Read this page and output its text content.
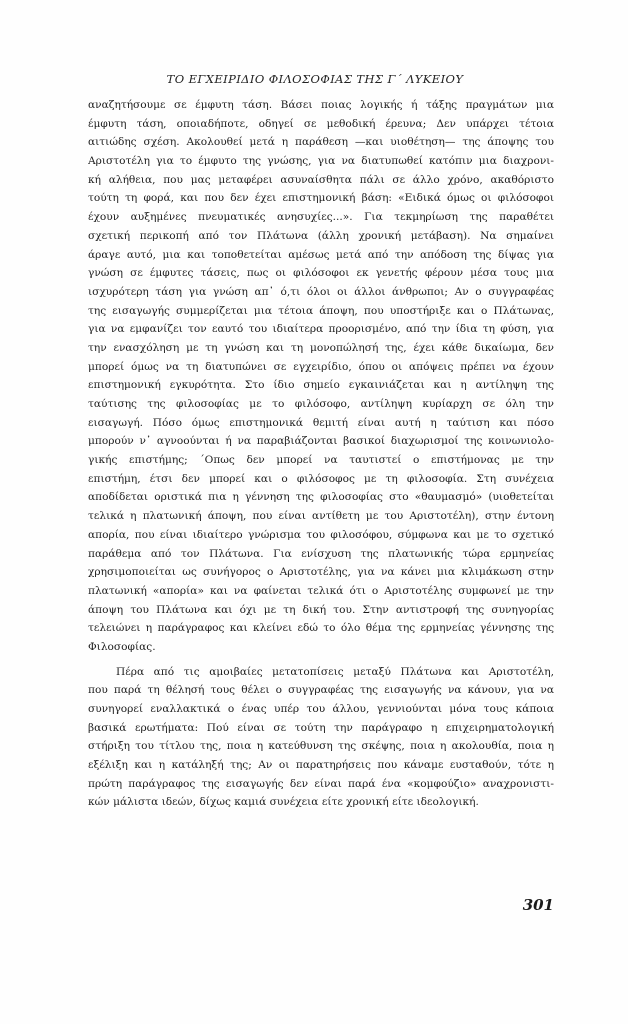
ΤΟ ΕΓΧΕΙΡΙΔΙΟ ΦΙΛΟΣΟΦΙΑΣ ΤΗΣ Γ΄ ΛΥΚΕΙΟΥ
αναζητήσουμε σε έμφυτη τάση. Βάσει ποιας λογικής ή τάξης πραγμάτων μια
έμφυτη τάση, οποιαδήποτε, οδηγεί σε μεθοδική έρευνα; Δεν υπάρχει τέτοια
αιτιώδης σχέση. Ακολουθεί μετά η παράθεση —και υιοθέτηση— της άποψης του
Αριστοτέλη για το έμφυτο της γνώσης, για να διατυπωθεί κατόπιν μια διαχρονι-
κή αλήθεια, που μας μεταφέρει ασυναίσθητα πάλι σε άλλο χρόνο, ακαθόριστο
τούτη τη φορά, και που δεν έχει επιστημονική βάση: «Ειδικά όμως οι φιλόσοφοι
έχουν αυξημένες πνευματικές ανησυχίες...». Για τεκμηρίωση της παραθέτει
σχετική περικοπή από τον Πλάτωνα (άλλη χρονική μετάβαση). Να σημαίνει
άραγε αυτό, μια και τοποθετείται αμέσως μετά από την απόδοση της δίψας για
γνώση σε έμφυτες τάσεις, πως οι φιλόσοφοι εκ γενετής φέρουν μέσα τους μια
ισχυρότερη τάση για γνώση απ᾿ ό,τι όλοι οι άλλοι άνθρωποι; Αν ο συγγραφέας
της εισαγωγής συμμερίζεται μια τέτοια άποψη, που υποστήριξε και ο Πλάτωνας,
για να εμφανίζει τον εαυτό του ιδιαίτερα προορισμένο, από την ίδια τη φύση, για
την ενασχόληση με τη γνώση και τη μονοπώλησή της, έχει κάθε δικαίωμα, δεν
μπορεί όμως να τη διατυπώνει σε εγχειρίδιο, όπου οι απόψεις πρέπει να έχουν
επιστημονική εγκυρότητα. Στο ίδιο σημείο εγκαινιάζεται και η αντίληψη της
ταύτισης της φιλοσοφίας με το φιλόσοφο, αντίληψη κυρίαρχη σε όλη την
εισαγωγή. Πόσο όμως επιστημονικά θεμιτή είναι αυτή η ταύτιση και πόσο
μπορούν ν᾿ αγνοούνται ή να παραβιάζονται βασικοί διαχωρισμοί της κοινωνιολο-
γικής επιστήμης; ΄Οπως δεν μπορεί να ταυτιστεί ο επιστήμονας με την
επιστήμη, έτσι δεν μπορεί και ο φιλόσοφος με τη φιλοσοφία. Στη συνέχεια
αποδίδεται οριστικά πια η γέννηση της φιλοσοφίας στο «θαυμασμό» (υιοθετείται
τελικά η πλατωνική άποψη, που είναι αντίθετη με του Αριστοτέλη), στην έντονη
απορία, που είναι ιδιαίτερο γνώρισμα του φιλοσόφου, σύμφωνα και με το σχετικό
παράθεμα από τον Πλάτωνα. Για ενίσχυση της πλατωνικής τώρα ερμηνείας
χρησιμοποιείται ως συνήγορος ο Αριστοτέλης, για να κάνει μια κλιμάκωση στην
πλατωνική «απορία» και να φαίνεται τελικά ότι ο Αριστοτέλης συμφωνεί με την
άποψη του Πλάτωνα και όχι με τη δική του. Στην αντιστροφή της συνηγορίας
τελειώνει η παράγραφος και κλείνει εδώ το όλο θέμα της ερμηνείας γέννησης της
Φιλοσοφίας.
Πέρα από τις αμοιβαίες μετατοπίσεις μεταξύ Πλάτωνα και Αριστοτέλη,
που παρά τη θέλησή τους θέλει ο συγγραφέας της εισαγωγής να κάνουν, για να
συνηγορεί εναλλακτικά ο ένας υπέρ του άλλου, γεννιούνται μόνα τους κάποια
βασικά ερωτήματα: Πού είναι σε τούτη την παράγραφο η επιχειρηματολογική
στήριξη του τίτλου της, ποια η κατεύθυνση της σκέψης, ποια η ακολουθία, ποια η
εξέλιξη και η κατάληξή της; Αν οι παρατηρήσεις που κάναμε ευσταθούν, τότε η
πρώτη παράγραφος της εισαγωγής δεν είναι παρά ένα «κομφούζιο» αναχρονιστι-
κών μάλιστα ιδεών, δίχως καμιά συνέχεια είτε χρονική είτε ιδεολογική.
301
